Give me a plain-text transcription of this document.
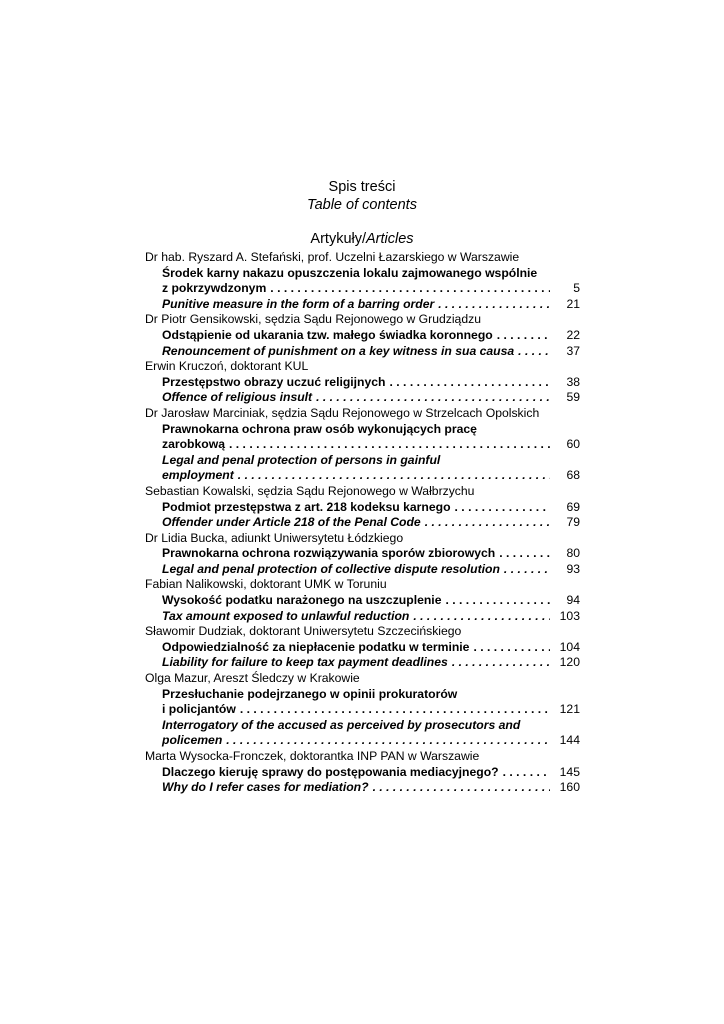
Spis treści
Table of contents
Artykuły/Articles
Dr hab. Ryszard A. Stefański, prof. Uczelni Łazarskiego w Warszawie
Środek karny nakazu opuszczenia lokalu zajmowanego wspólnie
z pokrzywdzonym . . .	5
Punitive measure in the form of a barring order . . .	21
Dr Piotr Gensikowski, sędzia Sądu Rejonowego w Grudziądzu
Odstąpienie od ukarania tzw. małego świadka koronnego . . .	22
Renouncement of punishment on a key witness in sua causa . . .	37
Erwin Kruczoń, doktorant KUL
Przestępstwo obrazy uczuć religijnych . . .	38
Offence of religious insult . . .	59
Dr Jarosław Marciniak, sędzia Sądu Rejonowego w Strzelcach Opolskich
Prawnokarna ochrona praw osób wykonujących pracę
zarobkową . . .	60
Legal and penal protection of persons in gainful
employment . . .	68
Sebastian Kowalski, sędzia Sądu Rejonowego w Wałbrzychu
Podmiot przestępstwa z art. 218 kodeksu karnego . . .	69
Offender under Article 218 of the Penal Code . . .	79
Dr Lidia Bucka, adiunkt Uniwersytetu Łódzkiego
Prawnokarna ochrona rozwiązywania sporów zbiorowych . . .	80
Legal and penal protection of collective dispute resolution . . .	93
Fabian Nalikowski, doktorant UMK w Toruniu
Wysokość podatku narażonego na uszczuplenie . . .	94
Tax amount exposed to unlawful reduction . . .	103
Sławomir Dudziak, doktorant Uniwersytetu Szczecińskiego
Odpowiedzialność za niepłacenie podatku w terminie . . .	104
Liability for failure to keep tax payment deadlines . . .	120
Olga Mazur, Areszt Śledczy w Krakowie
Przesłuchanie podejrzanego w opinii prokuratorów
i policjantów . . .	121
Interrogatory of the accused as perceived by prosecutors and
policemen . . .	144
Marta Wysocka-Fronczek, doktorantka INP PAN w Warszawie
Dlaczego kieruję sprawy do postępowania mediacyjnego? . . .	145
Why do I refer cases for mediation? . . .	160
